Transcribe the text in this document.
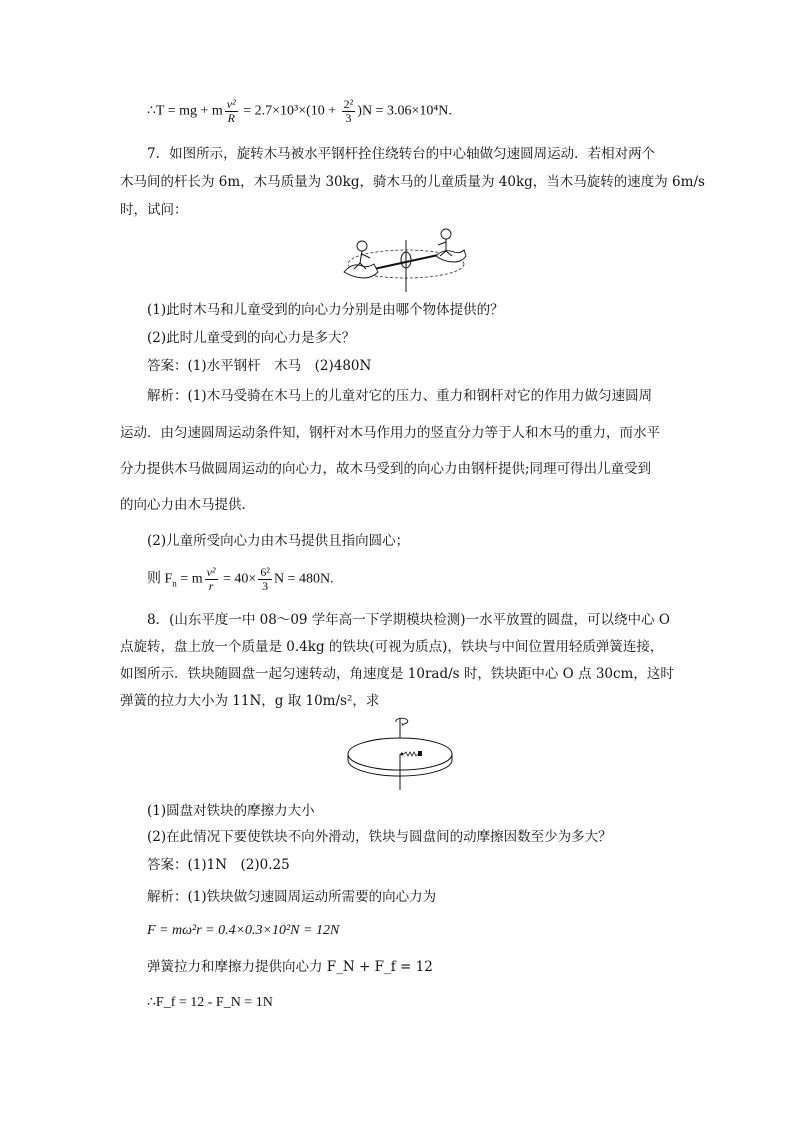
∴T = mg + m $\frac{\text{v²}}{R} = 2.7\times 10^3\times(10 + \frac{\text{2²}}{3} )N = 3.06\times 10^4N$.
7．如图所示，旋转木马被水平钢杆拴住绕转台的中心轴做匀速圆周运动．若相对两个
木马间的杆长为 6m，木马质量为 30kg，骑木马的儿童质量为 40kg，当木马旋转的速度为 6m/s
时，试问：
(1)此时木马和儿童受到的向心力分别是由哪个物体提供的？
(2)此时儿童受到的向心力是多大？
答案：(1)水平钢杆　木马　(2)480N
解析：(1)木马受骑在木马上的儿童对它的压力、重力和钢杆对它的作用力做匀速圆周
运动．由匀速圆周运动条件知，钢杆对木马作用力的竖直分力等于人和木马的重力，而水平
分力提供木马做圆周运动的向心力，故木马受到的向心力由钢杆提供;同理可得出儿童受到
的向心力由木马提供．
(2)儿童所受向心力由木马提供且指向圆心；
则 $F_n = m \frac{\text{v²}}{r} = 40\times \frac{\text{6²}}{3}$ N = 480N.
8．(山东平度一中 08～09 学年高一下学期模块检测)一水平放置的圆盘，可以绕中心 O
点旋转，盘上放一个质量是 0.4kg 的铁块(可视为质点)，铁块与中间位置用轻质弹簧连接，
如图所示．铁块随圆盘一起匀速转动，角速度是 10rad/s 时，铁块距中心 O 点 30cm，这时
弹簧的拉力大小为 11N，g 取 10m/s²，求
(1)圆盘对铁块的摩擦力大小
(2)在此情况下要使铁块不向外滑动，铁块与圆盘间的动摩擦因数至少为多大？
答案：(1)1N　(2)0.25
解析：(1)铁块做匀速圆周运动所需要的向心力为
F = mω²r = 0.4×0.3×10²N = 12N
弹簧拉力和摩擦力提供向心力 F_N + F_f = 12
∴F_f = 12 - F_N = 1N
